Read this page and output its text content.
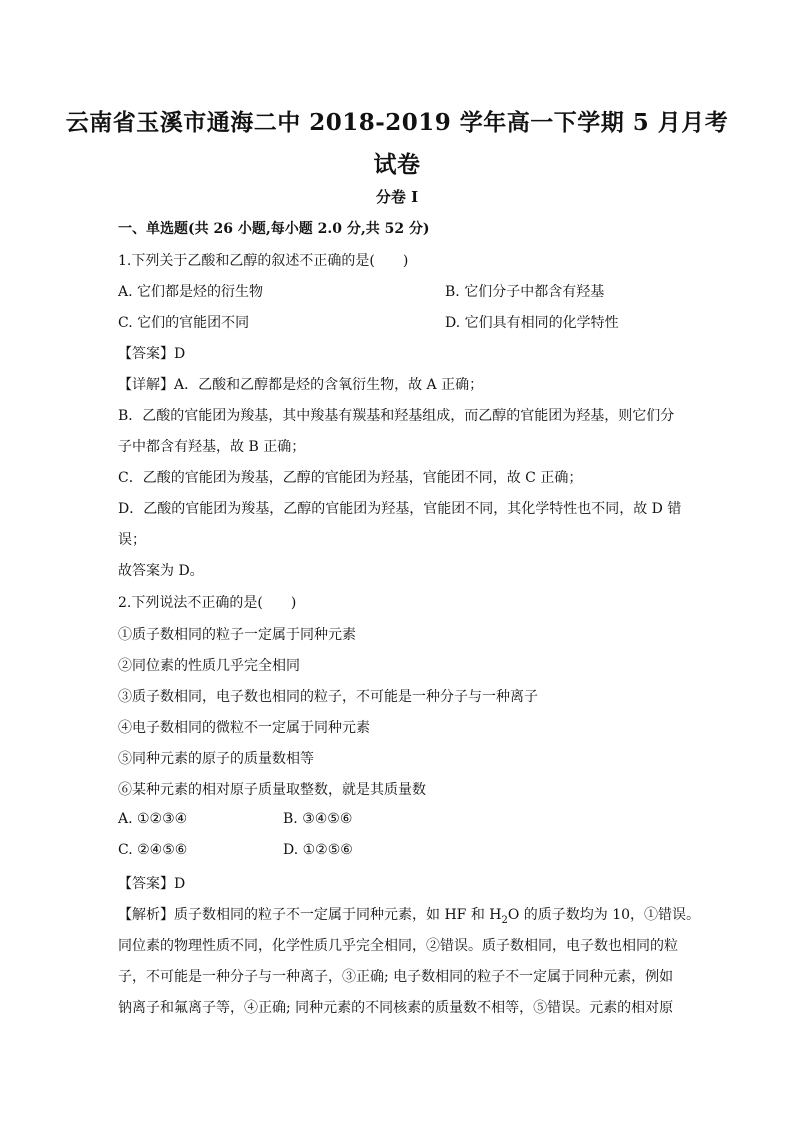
云南省玉溪市通海二中 2018-2019 学年高一下学期 5 月月考
试卷
分卷 I
一、单选题(共 26 小题,每小题 2.0 分,共 52 分)
1.下列关于乙酸和乙醇的叙述不正确的是(　　)
A. 它们都是烃的衍生物	B. 它们分子中都含有羟基
C. 它们的官能团不同	D. 它们具有相同的化学特性
【答案】D
【详解】A．乙酸和乙醇都是烃的含氧衍生物，故 A 正确；
B．乙酸的官能团为羧基，其中羧基有羰基和羟基组成，而乙醇的官能团为羟基，则它们分
子中都含有羟基，故 B 正确；
C．乙酸的官能团为羧基，乙醇的官能团为羟基，官能团不同，故 C 正确；
D．乙酸的官能团为羧基，乙醇的官能团为羟基，官能团不同，其化学特性也不同，故 D 错
误；
故答案为 D。
2.下列说法不正确的是(　　)
①质子数相同的粒子一定属于同种元素
②同位素的性质几乎完全相同
③质子数相同，电子数也相同的粒子，不可能是一种分子与一种离子
④电子数相同的微粒不一定属于同种元素
⑤同种元素的原子的质量数相等
⑥某种元素的相对原子质量取整数，就是其质量数
A. ①②③④	B. ③④⑤⑥
C. ②④⑤⑥	D. ①②⑤⑥
【答案】D
【解析】质子数相同的粒子不一定属于同种元素，如 HF 和 $H_2O$ 的质子数均为 10，①错误。
同位素的物理性质不同，化学性质几乎完全相同，②错误。质子数相同，电子数也相同的粒
子，不可能是一种分子与一种离子，③正确; 电子数相同的粒子不一定属于同种元素，例如
钠离子和氟离子等，④正确; 同种元素的不同核素的质量数不相等，⑤错误。元素的相对原
